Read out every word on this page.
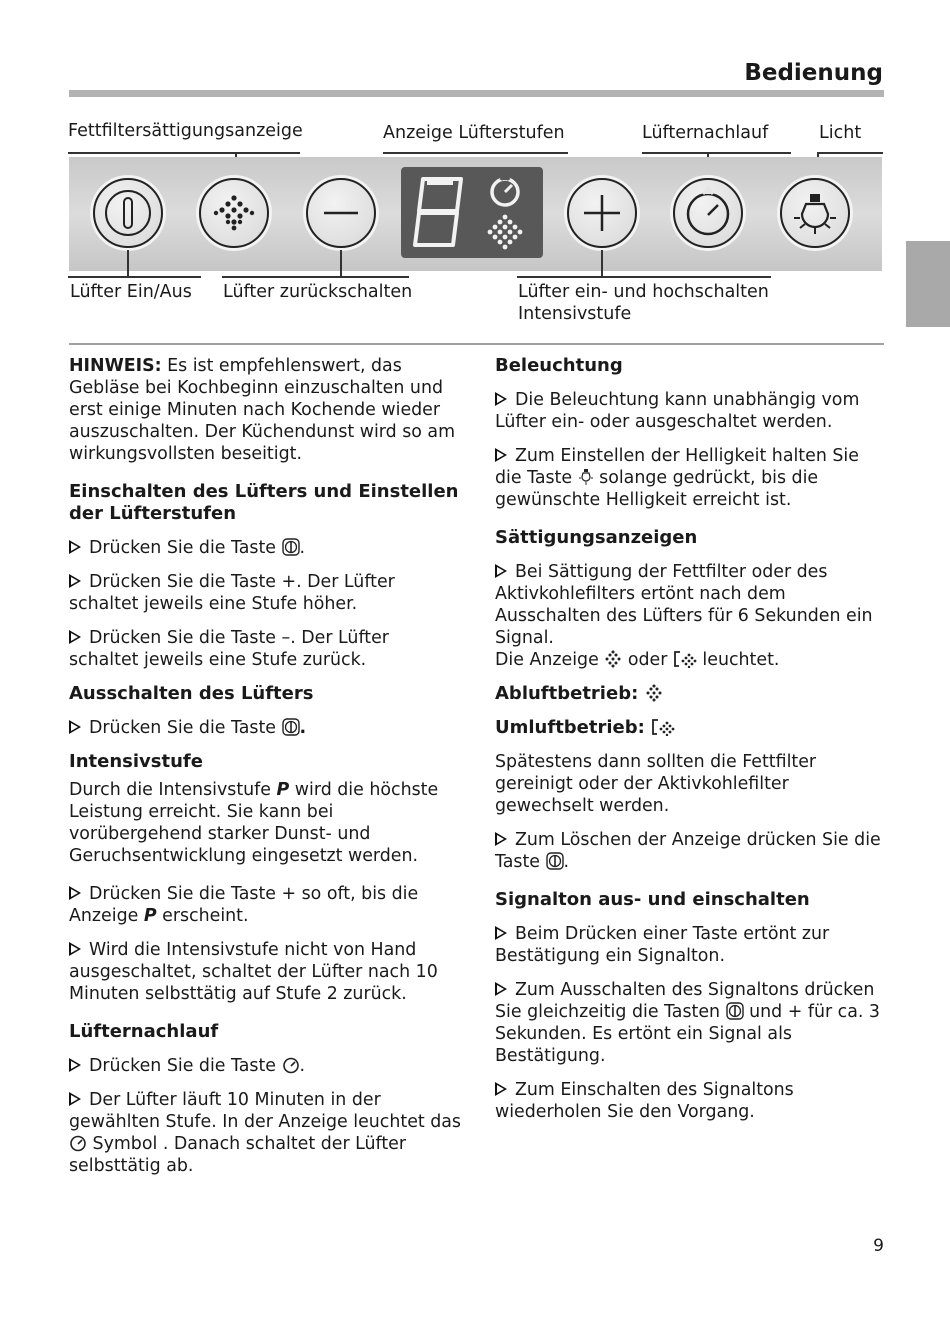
Bedienung
Fettfiltersättigungsanzeige	Anzeige Lüfterstufen	Lüfternachlauf	Licht
Lüfter Ein/Aus Lüfter zurückschalten	Lüfter ein- und hochschalten
Intensivstufe

HINWEIS: Es ist empfehlenswert, das Gebläse bei Kochbeginn einzuschalten und erst einige Minuten nach Kochende wieder auszuschalten. Der Küchendunst wird so am wirkungsvollsten beseitigt.

Einschalten des Lüfters und Einstellen der Lüfterstufen

Drücken Sie die Taste .

Drücken Sie die Taste +. Der Lüfter schaltet jeweils eine Stufe höher.

Drücken Sie die Taste –. Der Lüfter schaltet jeweils eine Stufe zurück.

Ausschalten des Lüfters

Drücken Sie die Taste .

Intensivstufe

Durch die Intensivstufe P wird die höchste Leistung erreicht. Sie kann bei vorübergehend starker Dunst- und Geruchsentwicklung eingesetzt werden.

Drücken Sie die Taste + so oft, bis die Anzeige P erscheint.

Wird die Intensivstufe nicht von Hand ausgeschaltet, schaltet der Lüfter nach 10 Minuten selbsttätig auf Stufe 2 zurück.

Lüfternachlauf

Drücken Sie die Taste .

Der Lüfter läuft 10 Minuten in der gewählten Stufe. In der Anzeige leuchtet das  Symbol . Danach schaltet der Lüfter selbsttätig ab.

Beleuchtung

Die Beleuchtung kann unabhängig vom Lüfter ein- oder ausgeschaltet werden.

Zum Einstellen der Helligkeit halten Sie die Taste  solange gedrückt, bis die gewünschte Helligkeit erreicht ist.

Sättigungsanzeigen

Bei Sättigung der Fettfilter oder des Aktivkohlefilters ertönt nach dem Ausschalten des Lüfters für 6 Sekunden ein Signal.
Die Anzeige  oder  leuchtet.

Abluftbetrieb:
Umluftbetrieb:

Spätestens dann sollten die Fettfilter gereinigt oder der Aktivkohlefilter gewechselt werden.

Zum Löschen der Anzeige drücken Sie die Taste .

Signalton aus- und einschalten

Beim Drücken einer Taste ertönt zur Bestätigung ein Signalton.

Zum Ausschalten des Signaltons drücken Sie gleichzeitig die Tasten  und + für ca. 3 Sekunden. Es ertönt ein Signal als Bestätigung.

Zum Einschalten des Signaltons wiederholen Sie den Vorgang.

9
